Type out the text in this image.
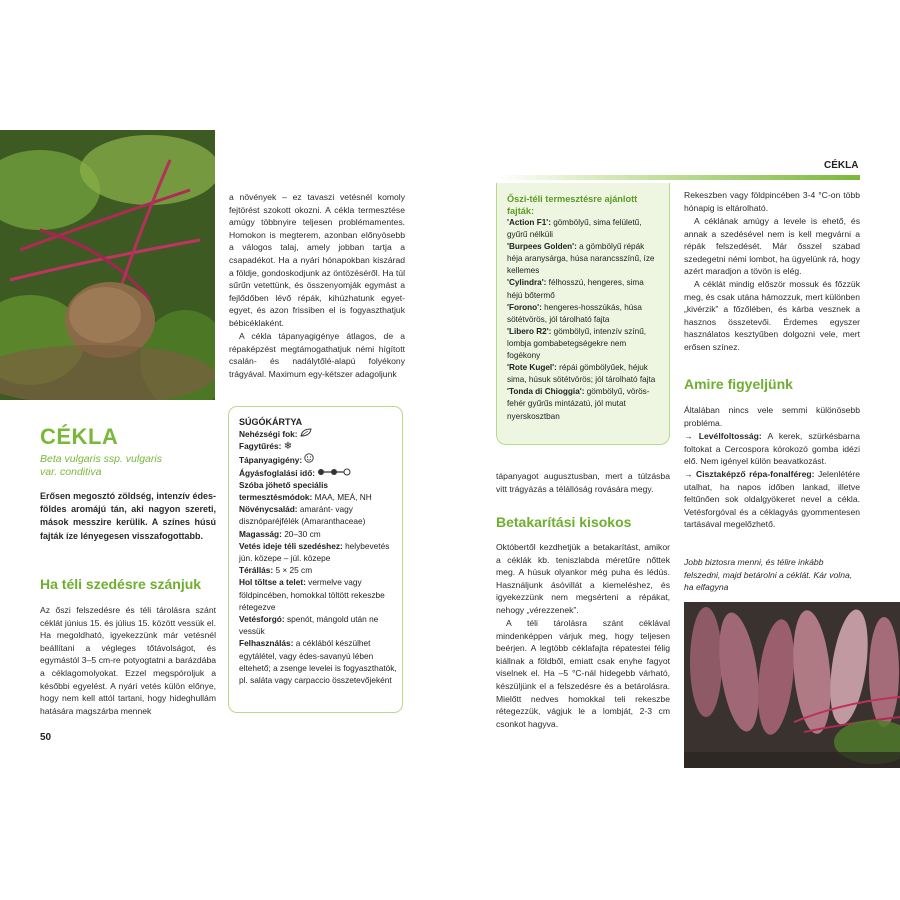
CÉKLA
Beta vulgaris ssp. vulgaris
var. conditiva

Erősen megosztó zöldség, intenzív édes-földes aromájú tán, aki nagyon szereti, mások messzire kerülik. A színes húsú fajták íze lényegesen visszafogottabb.

Ha téli szedésre szánjuk

Az őszi felszedésre és téli tárolásra szánt céklát június 15. és július 15. között vessük el. Ha megoldható, igyekezzünk már vetésnél beállítani a végleges tőtávolságot, és egymástól 3–5 cm-re potyogtatni a barázdába a céklagomolyokat. Ezzel megspóroljuk a későbbi egyelést. A nyári vetés külön előnye, hogy nem kell attól tartani, hogy hideghullám hatására magszárba mennek

50

a növények – ez tavaszi vetésnél komoly fejtörést szokott okozni. A cékla termesztése amúgy többnyire teljesen problémamentes. Homokon is megterem, azonban előnyösebb a válogos talaj, amely jobban tartja a csapadékot. Ha a nyári hónapokban kiszárad a földje, gondoskodjunk az öntözéséről. Ha túl sűrűn vetettünk, és összenyomják egymást a fejlődőben lévő répák, kihúzhatunk egyet-egyet, és azon frissiben el is fogyaszthatjuk bébicéklaként.

A cékla tápanyagigénye átlagos, de a répaképzést megtámogathatjuk némi hígított csalán- és nadálytőlé-alapú folyékony trágyával. Maximum egy-kétszer adagoljunk

SÚGÓKÁRTYA
Nehézségi fok:
Fagytűrés: ❄
Tápanyagigény:
Ágyásfoglalási idő:
Szóba jöhető speciális termesztésmódok: MAA, MEÁ, NH
Növénycsalád: amaránt- vagy disznóparéjfélék (Amaranthaceae)
Magasság: 20–30 cm
Vetés ideje téli szedéshez: helybevetés jún. közepe – júl. közepe
Térállás: 5 × 25 cm
Hol töltse a telet: vermelve vagy földpincében, homokkal töltött rekeszbe rétegezve
Vetésforgó: spenót, mángold után ne vessük
Felhasználás: a céklából készülhet egytálétel, vagy édes-savanyú lében eltehető; a zsenge levelei is fogyaszthatók, pl. saláta vagy carpaccio összetevőjeként
CÉKLA
Őszi-téli termesztésre ajánlott fajták:
'Action F1': gömbölyű, sima felületű, gyűrű nélküli
'Burpees Golden': a gömbölyű répák héja aranysárga, húsa narancsszínű, íze kellemes
'Cylindra': félhosszú, hengeres, sima héjú bőtermő
'Forono': hengeres-hosszúkás, húsa sötétvörös, jól tárolható fajta
'Libero R2': gömbölyű, intenzív színű, lombja gombabetegségekre nem fogékony
'Rote Kugel': répái gömbölyűek, héjuk sima, húsuk sötétvörös; jól tárolható fajta
'Tonda di Chioggia': gömbölyű, vörös-fehér gyűrűs mintázatú, jól mutat nyerskosztban

tápanyagot augusztusban, mert a túlzásba vitt trágyázás a télállóság rovására megy.

Betakarítási kisokos

Októbertől kezdhetjük a betakarítást, amikor a céklák kb. teniszlabda méretűre nőttek meg. A húsuk olyankor még puha és lédús. Használjunk ásóvillát a kiemeléshez, és igyekezzünk nem megsérteni a répákat, nehogy „vérezzenek”.

A téli tárolásra szánt céklával mindenképpen várjuk meg, hogy teljesen beérjen. A legtöbb céklafajta répatestei félig kiállnak a földből, emiatt csak enyhe fagyot viselnek el. Ha –5 °C-nál hidegebb várható, készüljünk el a felszedésre és a betárolásra. Mielőtt nedves homokkal teli rekeszbe rétegezzük, vágjuk le a lombját, 2-3 cm csonkot hagyva.

Rekeszben vagy földpincében 3-4 °C-on több hónapig is eltárolható.

A céklának amúgy a levele is ehető, és annak a szedésével nem is kell megvárni a répák felszedését. Már ősszel szabad szedegetni némi lombot, ha ügyelünk rá, hogy azért maradjon a tövön is elég.

A céklát mindig először mossuk és főzzük meg, és csak utána hámozzuk, mert különben „kivérzik” a főzőlében, és kárba vesznek a hasznos összetevői. Érdemes egyszer használatos kesztyűben dolgozni vele, mert erősen színez.

Amire figyeljünk

Általában nincs vele semmi különösebb probléma.

→ Levélfoltosság: A kerek, szürkésbarna foltokat a Cercospora kórokozó gomba idézi elő. Nem igényel külön beavatkozást.

→ Cisztaképző répa-fonalféreg: Jelenlétére utalhat, ha napos időben lankad, illetve feltűnően sok oldalgyökeret nevel a cékla. Vetésforgóval és a céklagyás gyommentesen tartásával megelőzhető.

Jobb biztosra menni, és télire inkább felszedni, majd betárolni a céklát. Kár volna, ha elfagyna
